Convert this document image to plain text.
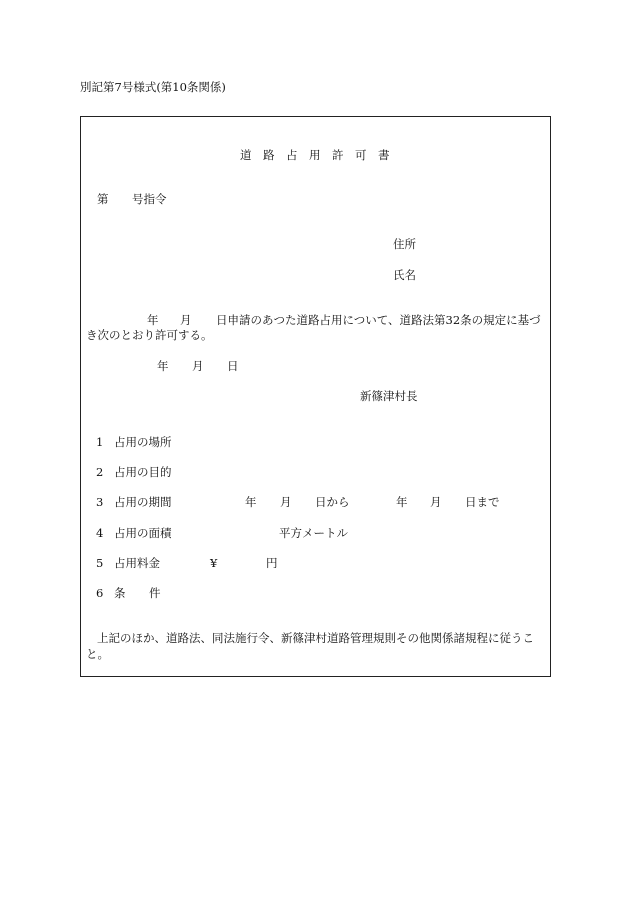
別記第7号様式(第10条関係)
道　路　占　用　許　可　書
第 号指令
住所
氏名
年 月 日申請のあつた道路占用について、道路法第32条の規定に基づ
き次のとおり許可する。
年 月 日
新篠津村長
1 占用の場所
2 占用の目的
3 占用の期間	年 月 日から	年 月 日まで
4 占用の面積	平方メートル
5 占用料金	¥	円
6 条 件
上記のほか、道路法、同法施行令、新篠津村道路管理規則その他関係諸規程に従うこ
と。
